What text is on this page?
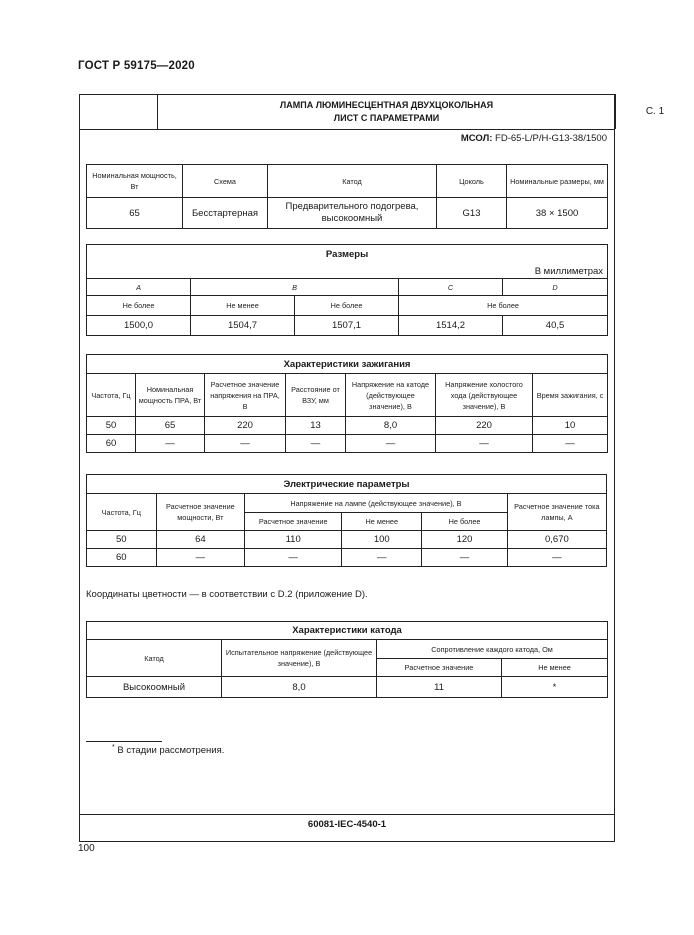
ГОСТ Р 59175—2020
ЛАМПА ЛЮМИНЕСЦЕНТНАЯ ДВУХЦОКОЛЬНАЯ
ЛИСТ С ПАРАМЕТРАМИ
С. 1
МСОЛ: FD-65-L/P/H-G13-38/1500
Номинальная мощность, Вт	Схема	Катод	Цоколь	Номинальные размеры, мм
65	Бесстартерная	Предварительного подогрева, высокоомный	G13	38 × 1500
Размеры				
В миллиметрах				
A	B		C	D
Не более	Не менее	Не более	Не более	
1500,0	1504,7	1507,1	1514,2	40,5
Характеристики зажигания						
Частота, Гц	Номинальная мощность ПРА, Вт	Расчетное значение напряжения на ПРА, В	Расстояние от ВЗУ, мм	Напряжение на катоде (действующее значение), В	Напряжение холостого хода (действующее значение), В	Время зажигания, с
50	65	220	13	8,0	220	10
60	—	—	—	—	—	—
Электрические параметры					
Частота, Гц	Расчетное значение мощности, Вт	Напряжение на лампе (действующее значение), В			Расчетное значение тока лампы, А
		Расчетное значение	Не менее	Не более	
50	64	110	100	120	0,670
60	—	—	—	—	—
Координаты цветности — в соответствии с D.2 (приложение D).
Характеристики катода			
Катод	Испытательное напряжение (действующее значение), В	Сопротивление каждого катода, Ом	
		Расчетное значение	Не менее
Высокоомный	8,0	11	*
* В стадии рассмотрения.
60081-IEC-4540-1
100
